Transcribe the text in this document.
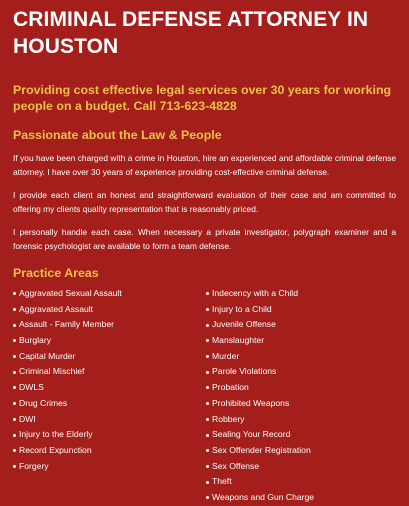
CRIMINAL DEFENSE ATTORNEY IN HOUSTON

Providing cost effective legal services over 30 years for working people on a budget. Call 713-623-4828

Passionate about the Law & People

If you have been charged with a crime in Houston, hire an experienced and affordable criminal defense attorney. I have over 30 years of experience providing cost-effective criminal defense.

I provide each client an honest and straightforward evaluation of their case and am committed to offering my clients quality representation that is reasonably priced.

I personally handle each case. When necessary a private investigator, polygraph examiner and a forensic psychologist are available to form a team defense.

Practice Areas
Aggravated Sexual Assault
Aggravated Assault
Assault - Family Member
Burglary
Capital Murder
Criminal Mischief
DWLS
Drug Crimes
DWI
Injury to the Elderly
Record Expunction
Forgery
Indecency with a Child
Injury to a Child
Juvenile Offense
Manslaughter
Murder
Parole Violations
Probation
Prohibited Weapons
Robbery
Sealing Your Record
Sex Offender Registration
Sex Offense
Theft
Weapons and Gun Charge
